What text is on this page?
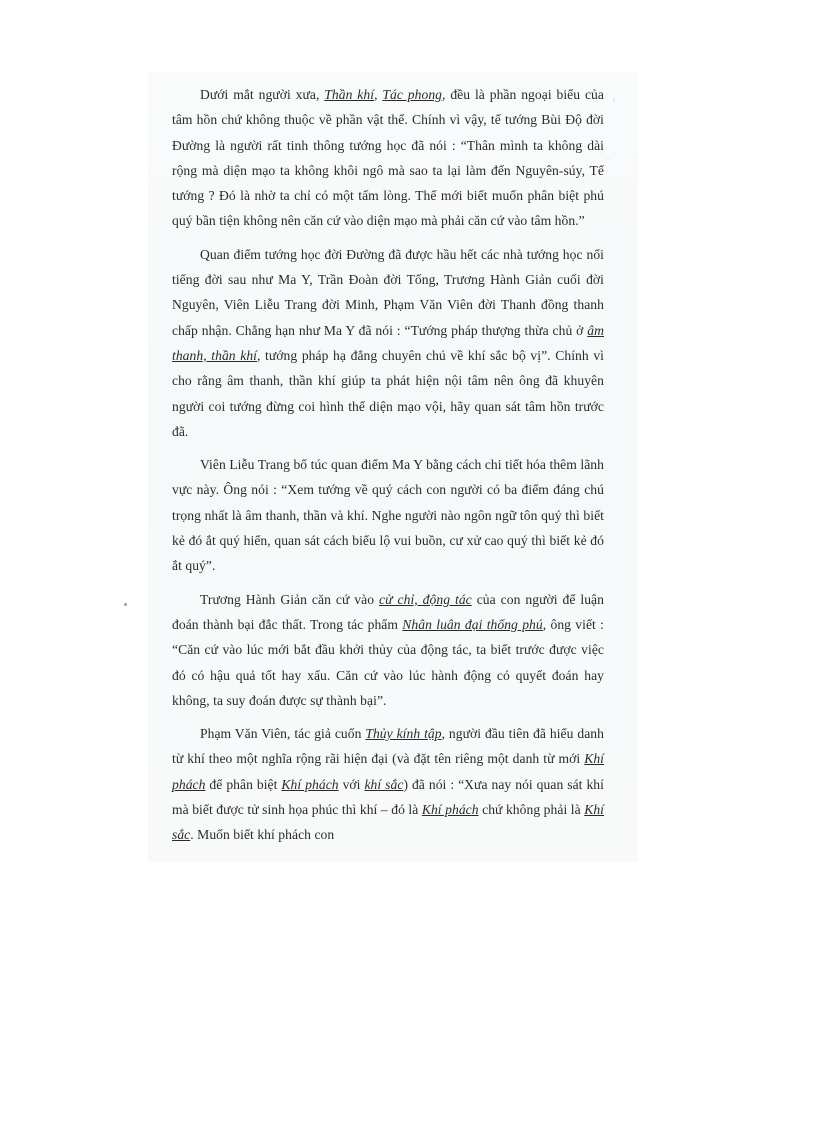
‹
·

Dưới mắt người xưa, Thần khí, Tác phong, đều là phần ngoại biểu của tâm hồn chứ không thuộc về phần vật thể. Chính vì vậy, tể tướng Bùi Độ đời Đường là người rất tinh thông tướng học đã nói : “Thân mình ta không dài rộng mà diện mạo ta không khôi ngô mà sao ta lại làm đến Nguyên-súy, Tể tướng ? Đó là nhờ ta chỉ có một tấm lòng. Thế mới biết muốn phân biệt phú quý bần tiện không nên căn cứ vào diện mạo mà phải căn cứ vào tâm hồn.”

Quan điểm tướng học đời Đường đã được hầu hết các nhà tướng học nổi tiếng đời sau như Ma Y, Trần Đoàn đời Tống, Trương Hành Giản cuối đời Nguyên, Viên Liễu Trang đời Minh, Phạm Văn Viên đời Thanh đồng thanh chấp nhận. Chẳng hạn như Ma Y đã nói : “Tướng pháp thượng thừa chủ ở âm thanh, thần khí, tướng pháp hạ đẳng chuyên chú về khí sắc bộ vị”. Chính vì cho rằng âm thanh, thần khí giúp ta phát hiện nội tâm nên ông đã khuyên người coi tướng đừng coi hình thể diện mạo vội, hãy quan sát tâm hồn trước đã.

Viên Liễu Trang bổ túc quan điểm Ma Y bằng cách chi tiết hóa thêm lãnh vực này. Ông nói : “Xem tướng về quý cách con người có ba điểm đáng chú trọng nhất là âm thanh, thần và khí. Nghe người nào ngôn ngữ tôn quý thì biết kẻ đó ắt quý hiển, quan sát cách biểu lộ vui buồn, cư xử cao quý thì biết kẻ đó ắt quý”.

Trương Hành Giản căn cứ vào cử chỉ, động tác của con người để luận đoán thành bại đắc thất. Trong tác phẩm Nhân luân đại thống phú, ông viết : “Căn cứ vào lúc mới bắt đầu khởi thủy của động tác, ta biết trước được việc đó có hậu quả tốt hay xấu. Căn cứ vào lúc hành động có quyết đoán hay không, ta suy đoán được sự thành bại”.

Phạm Văn Viên, tác giả cuốn Thủy kính tập, người đầu tiên đã hiểu danh từ khí theo một nghĩa rộng rãi hiện đại (và đặt tên riêng một danh từ mới Khí phách để phân biệt Khí phách với khí sắc) đã nói : “Xưa nay nói quan sát khí mà biết được tử sinh họa phúc thì khí – đó là Khí phách chứ không phải là Khí sắc. Muốn biết khí phách con
